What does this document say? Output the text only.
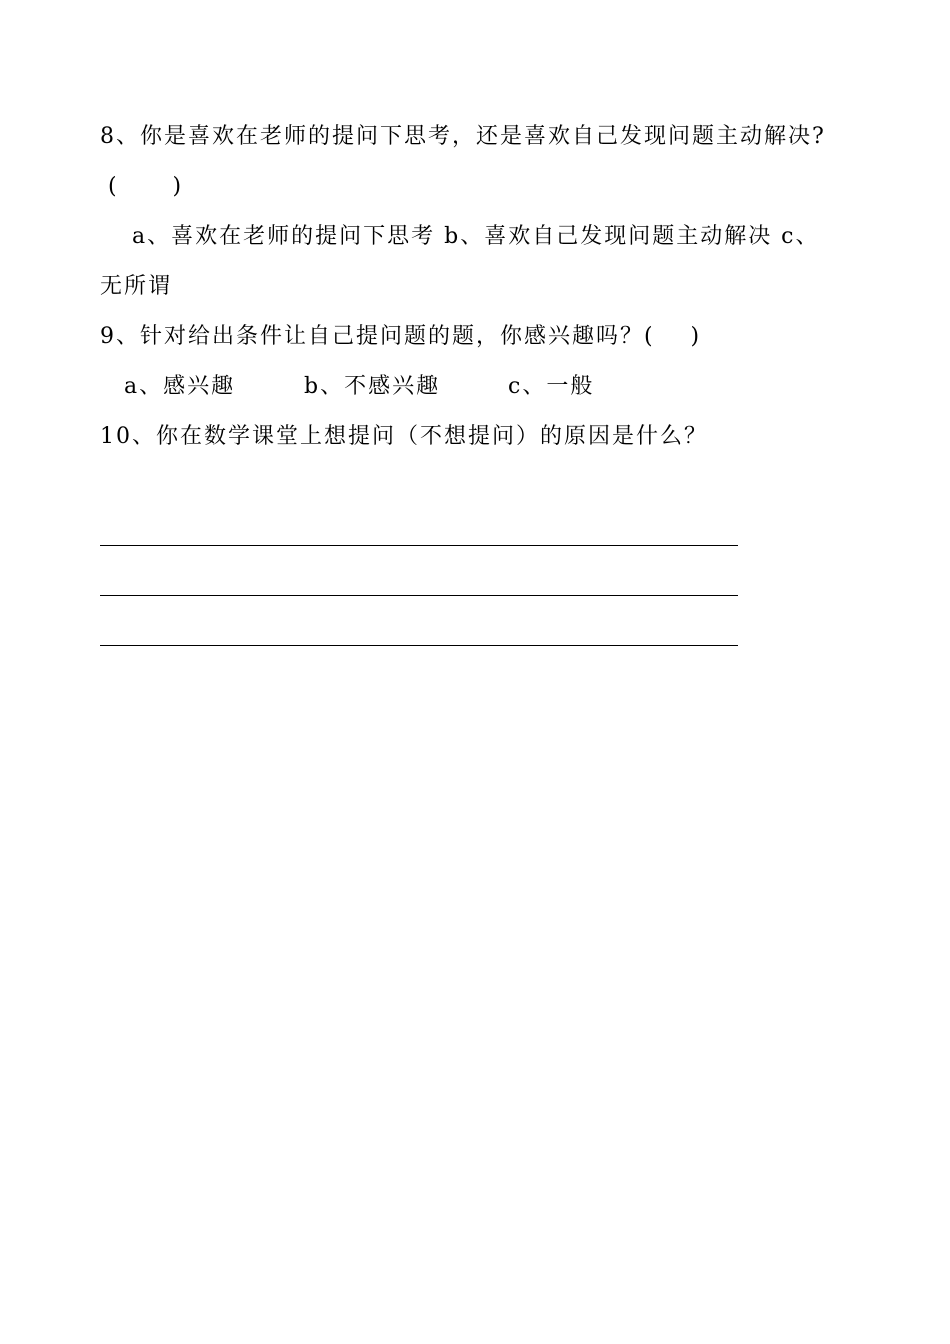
8、你是喜欢在老师的提问下思考，还是喜欢自己发现问题主动解决?
(      )
a、喜欢在老师的提问下思考 b、喜欢自己发现问题主动解决 c、
无所谓
9、针对给出条件让自己提问题的题，你感兴趣吗？(    )
a、感兴趣	b、不感兴趣	c、一般
10、你在数学课堂上想提问（不想提问）的原因是什么？
